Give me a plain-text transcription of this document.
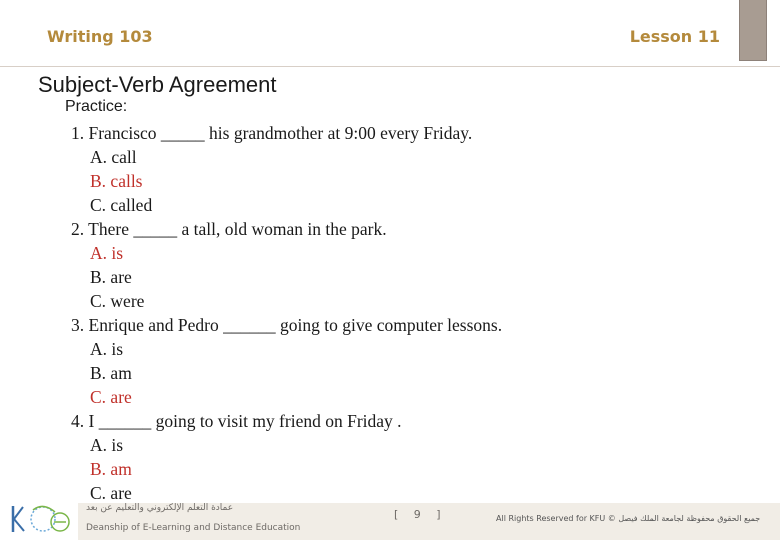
Writing 103	Lesson 11
Subject-Verb Agreement
Practice:
1. Francisco _____ his grandmother at 9:00 every Friday.
A. call
B. calls
C. called
2. There _____ a tall, old woman in the park.
A. is
B. are
C. were
3. Enrique and Pedro ______ going to give computer lessons.
A. is
B. am
C. are
4. I ______ going to visit my friend on Friday .
A. is
B. am
C. are
عمادة التعلم الإلكتروني والتعليم عن بعد
Deanship of E-Learning and Distance Education
[ 9 ]	All Rights Reserved for KFU © جميع الحقوق محفوظة لجامعة الملك فيصل
